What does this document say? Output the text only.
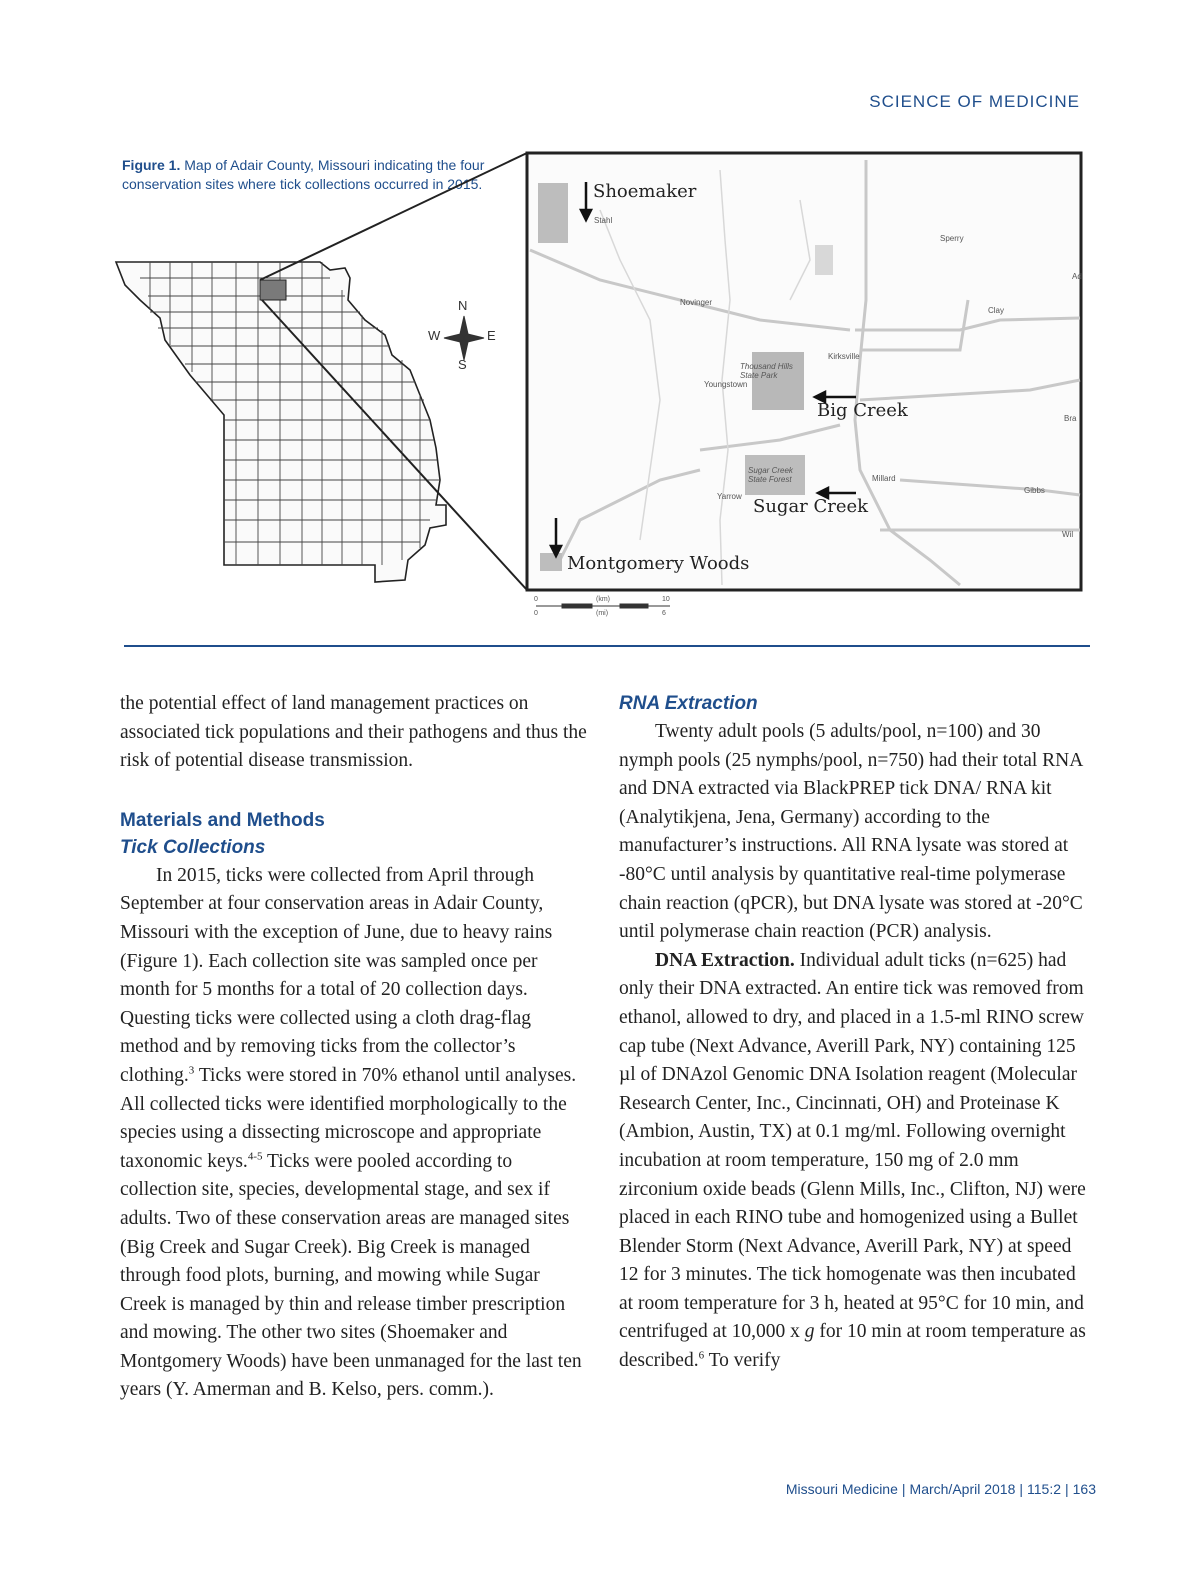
SCIENCE OF MEDICINE
Figure 1. Map of Adair County, Missouri indicating the four conservation sites where tick collections occurred in 2015.
N
S
E
W
Shoemaker
Big Creek
Sugar Creek
Montgomery Woods
Stahl
Novinger
Sperry
Clay
Kirksville
Thousand Hills State Park
Youngstown
Sugar Creek State Forest	Millard
Yarrow
Gibbs
Ad
Bra
Wil
0	(km)	10
0	(mi)	6

the potential effect of land management practices on associated tick populations and their pathogens and thus the risk of potential disease transmission.

Materials and Methods
Tick Collections

In 2015, ticks were collected from April through September at four conservation areas in Adair County, Missouri with the exception of June, due to heavy rains (Figure 1). Each collection site was sampled once per month for 5 months for a total of 20 collection days. Questing ticks were collected using a cloth drag-flag method and by removing ticks from the collector’s clothing.$^3$ Ticks were stored in 70% ethanol until analyses. All collected ticks were identified morphologically to the species using a dissecting microscope and appropriate taxonomic keys.$^{4-5}$ Ticks were pooled according to collection site, species, developmental stage, and sex if adults. Two of these conservation areas are managed sites (Big Creek and Sugar Creek). Big Creek is managed through food plots, burning, and mowing while Sugar Creek is managed by thin and release timber prescription and mowing. The other two sites (Shoemaker and Montgomery Woods) have been unmanaged for the last ten years (Y. Amerman and B. Kelso, pers. comm.).

RNA Extraction

Twenty adult pools (5 adults/pool, n=100) and 30 nymph pools (25 nymphs/pool, n=750) had their total RNA and DNA extracted via BlackPREP tick DNA/ RNA kit (Analytikjena, Jena, Germany) according to the manufacturer’s instructions. All RNA lysate was stored at -80°C until analysis by quantitative real-time polymerase chain reaction (qPCR), but DNA lysate was stored at -20°C until polymerase chain reaction (PCR) analysis.

DNA Extraction. Individual adult ticks (n=625) had only their DNA extracted. An entire tick was removed from ethanol, allowed to dry, and placed in a 1.5-ml RINO screw cap tube (Next Advance, Averill Park, NY) containing 125 µl of DNAzol Genomic DNA Isolation reagent (Molecular Research Center, Inc., Cincinnati, OH) and Proteinase K (Ambion, Austin, TX) at 0.1 mg/ml. Following overnight incubation at room temperature, 150 mg of 2.0 mm zirconium oxide beads (Glenn Mills, Inc., Clifton, NJ) were placed in each RINO tube and homogenized using a Bullet Blender Storm (Next Advance, Averill Park, NY) at speed 12 for 3 minutes. The tick homogenate was then incubated at room temperature for 3 h, heated at 95°C for 10 min, and centrifuged at 10,000 x g for 10 min at room temperature as described.$^6$ To verify

Missouri Medicine | March/April 2018 | 115:2 | 163
